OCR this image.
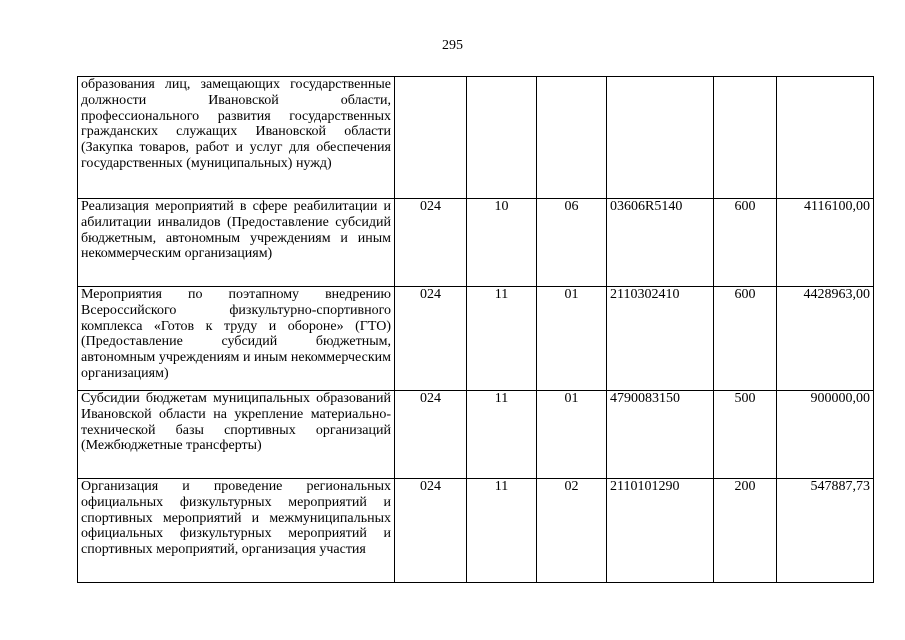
295
образования лиц, замещающих государственные должности Ивановской области, профессионального развития государственных гражданских служащих Ивановской области (Закупка товаров, работ и услуг для обеспечения государственных (муниципальных) нужд)						
Реализация мероприятий в сфере реабилитации и абилитации инвалидов (Предоставление субсидий бюджетным, автономным учреждениям и иным некоммерческим организациям)	024	10	06	03606R5140	600	4116100,00
Мероприятия по поэтапному внедрению Всероссийского физкультурно-спортивного комплекса «Готов к труду и обороне» (ГТО) (Предоставление субсидий бюджетным, автономным учреждениям и иным некоммерческим организациям)	024	11	01	2110302410	600	4428963,00
Субсидии бюджетам муниципальных образований Ивановской области на укрепление материально-технической базы спортивных организаций (Межбюджетные трансферты)	024	11	01	4790083150	500	900000,00
Организация и проведение региональных официальных физкультурных мероприятий и спортивных мероприятий и межмуниципальных официальных физкультурных мероприятий и спортивных мероприятий, организация участия	024	11	02	2110101290	200	547887,73
